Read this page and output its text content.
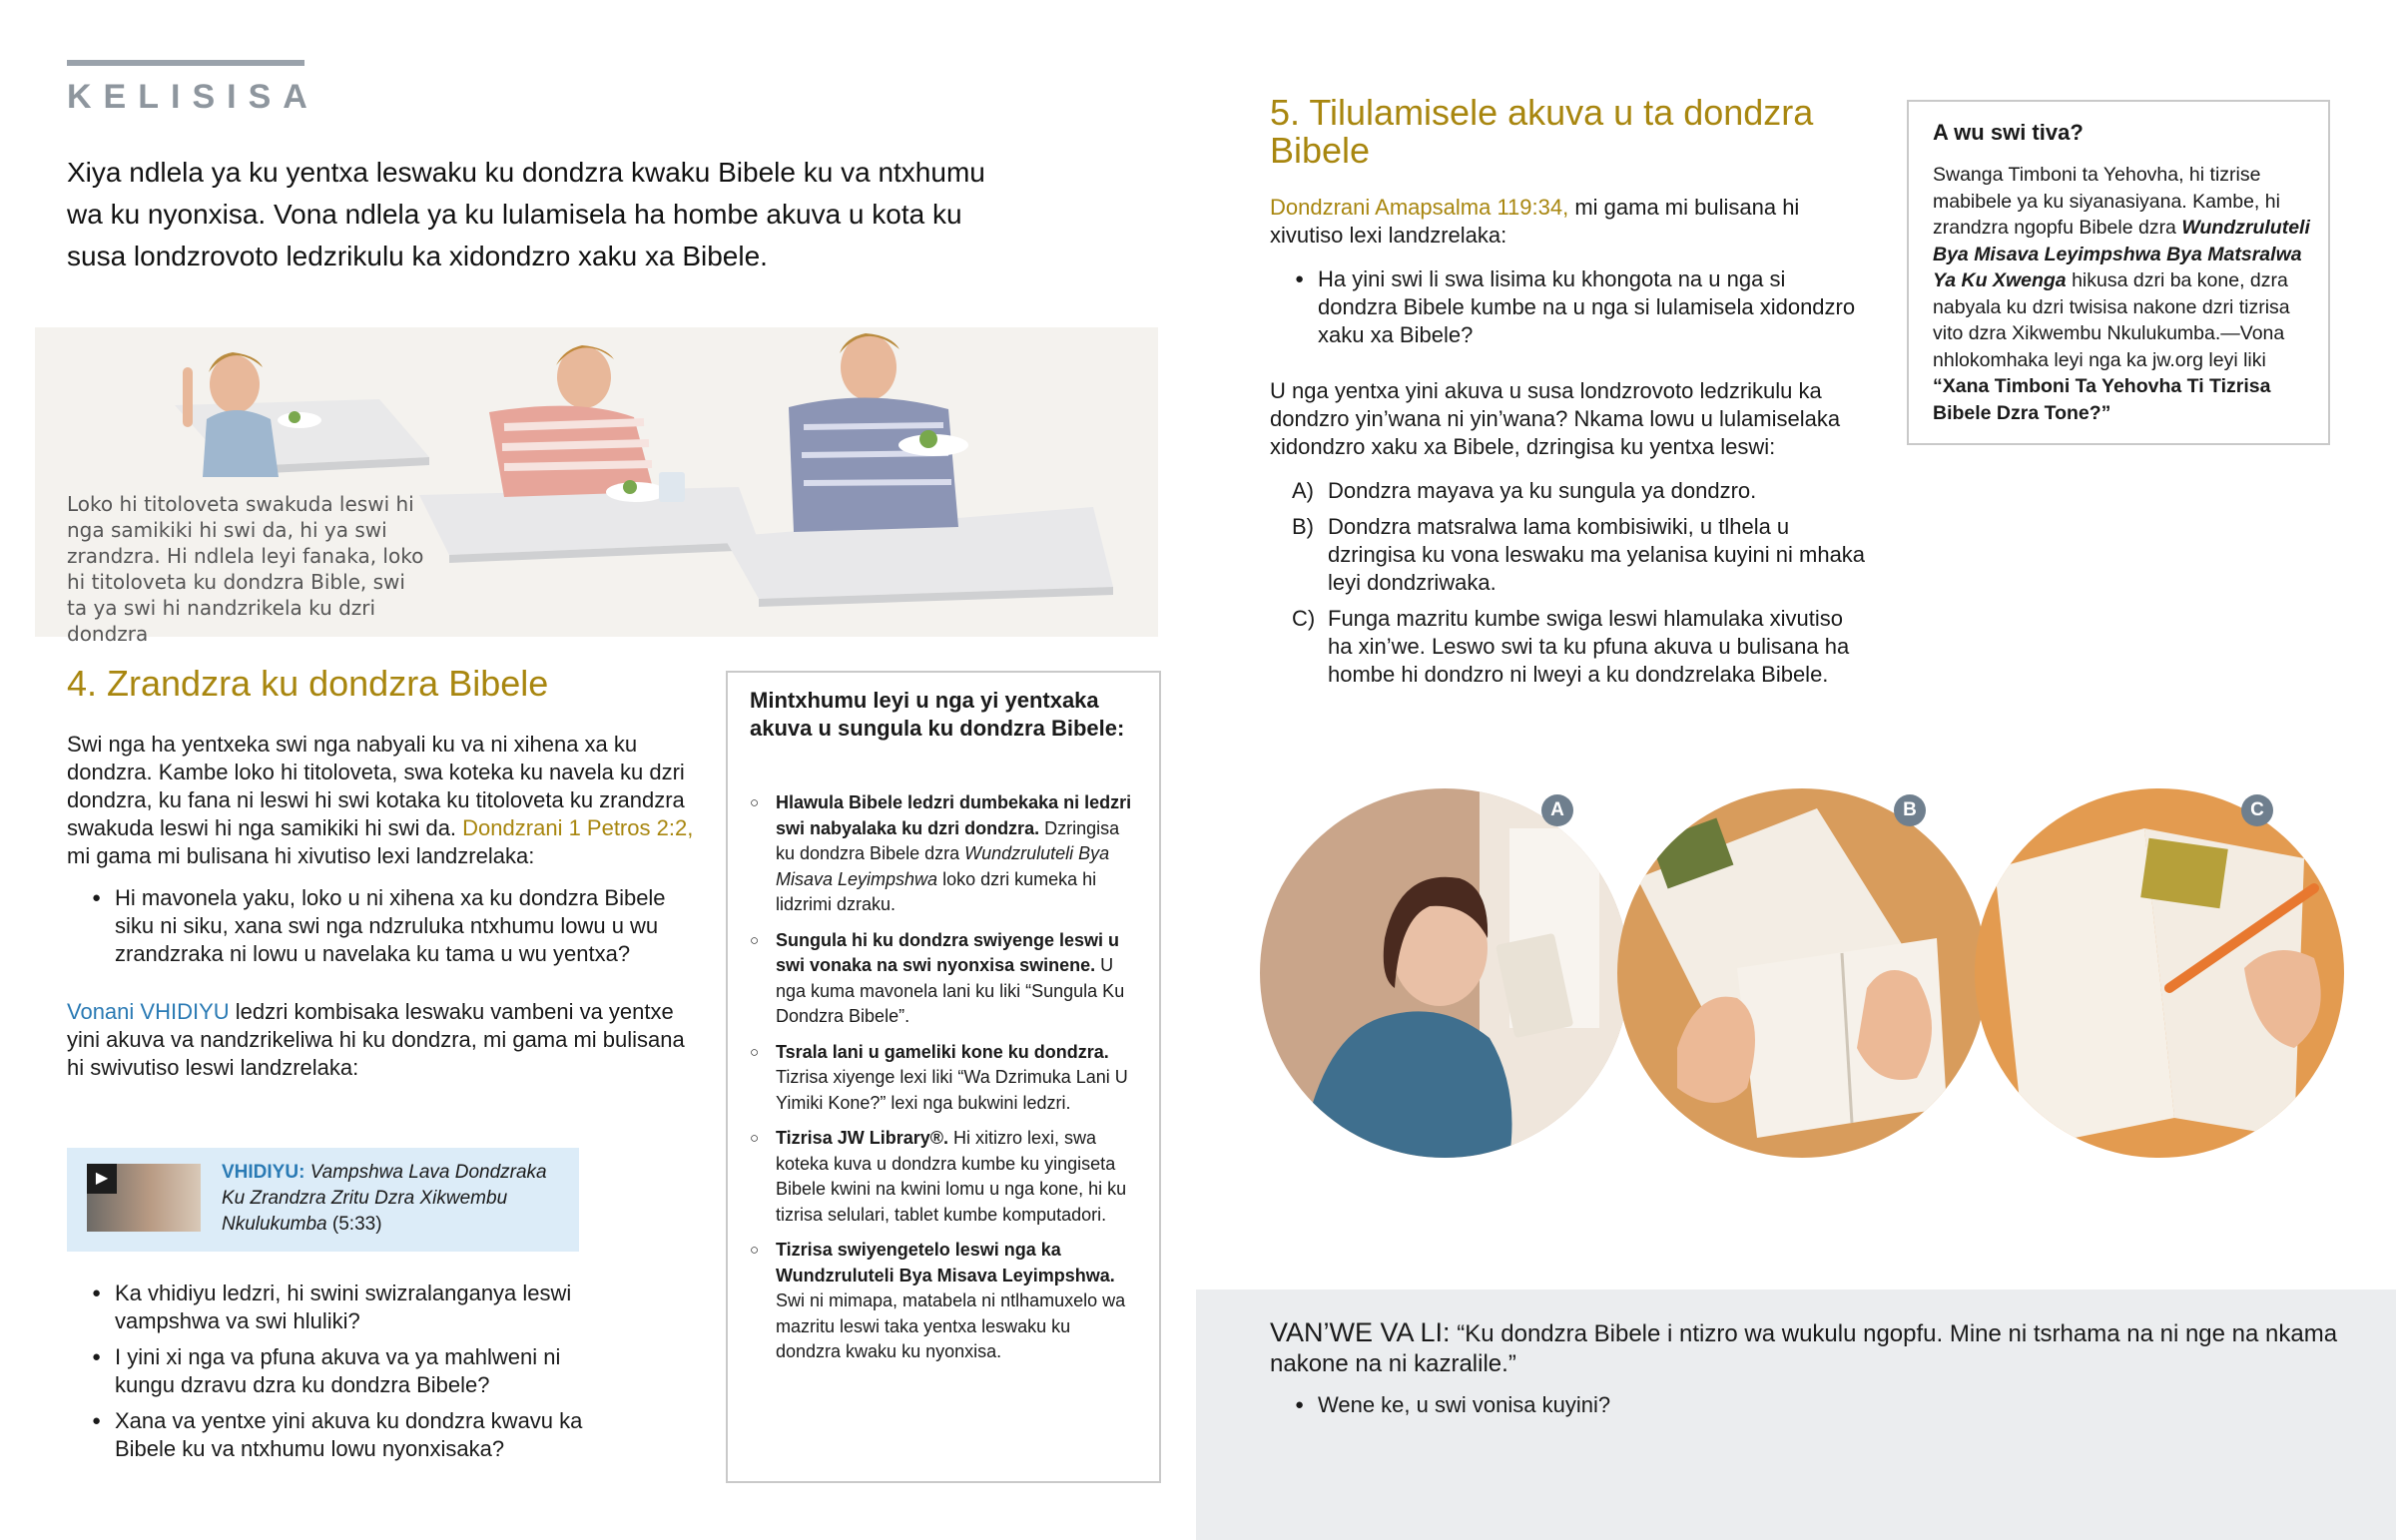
KELISISA
Xiya ndlela ya ku yentxa leswaku ku dondzra kwaku Bibele ku va ntxhumu wa ku nyonxisa. Vona ndlela ya ku lulamisela ha hombe akuva u kota ku susa londzrovoto ledzrikulu ka xidondzro xaku xa Bibele.
Loko hi titoloveta swakuda leswi hi nga samikiki hi swi da, hi ya swi zrandzra. Hi ndlela leyi fanaka, loko hi titoloveta ku dondzra Bible, swi ta ya swi hi nandzrikela ku dzri dondzra
4. Zrandzra ku dondzra Bibele
Swi nga ha yentxeka swi nga nabyali ku va ni xihena xa ku dondzra. Kambe loko hi titoloveta, swa koteka ku navela ku dzri dondzra, ku fana ni leswi hi swi kotaka ku titoloveta ku zrandzra swakuda leswi hi nga samikiki hi swi da. Dondzrani 1 Petros 2:2, mi gama mi bulisana hi xivutiso lexi landzrelaka:
● Hi mavonela yaku, loko u ni xihena xa ku dondzra Bibele siku ni siku, xana swi nga ndzruluka ntxhumu lowu u wu zrandzraka ni lowu u navelaka ku tama u wu yentxa?
Vonani VHIDIYU ledzri kombisaka leswaku vambeni va yentxe yini akuva va nandzrikeliwa hi ku dondzra, mi gama mi bulisana hi swivutiso leswi landzrelaka:
▶	VHIDIYU: Vampshwa Lava Dondzraka Ku Zrandzra Zritu Dzra Xikwembu Nkulukumba (5:33)
● Ka vhidiyu ledzri, hi swini swizralanganya leswi vampshwa va swi hluliki?
● I yini xi nga va pfuna akuva va ya mahlweni ni kungu dzravu dzra ku dondzra Bibele?
● Xana va yentxe yini akuva ku dondzra kwavu ka Bibele ku va ntxhumu lowu nyonxisaka?
Mintxhumu leyi u nga yi yentxaka akuva u sungula ku dondzra Bibele:
○ Hlawula Bibele ledzri dumbekaka ni ledzri swi nabyalaka ku dzri dondzra. Dzringisa ku dondzra Bibele dzra Wundzruluteli Bya Misava Leyimpshwa loko dzri kumeka hi lidzrimi dzraku.
○ Sungula hi ku dondzra swiyenge leswi u swi vonaka na swi nyonxisa swinene. U nga kuma mavonela lani ku liki “Sungula Ku Dondzra Bibele”.
○ Tsrala lani u gameliki kone ku dondzra. Tizrisa xiyenge lexi liki “Wa Dzrimuka Lani U Yimiki Kone?” lexi nga bukwini ledzri.
○ Tizrisa JW Library®. Hi xitizro lexi, swa koteka kuva u dondzra kumbe ku yingiseta Bibele kwini na kwini lomu u nga kone, hi ku tizrisa selulari, tablet kumbe komputadori.
○ Tizrisa swiyengetelo leswi nga ka Wundzruluteli Bya Misava Leyimpshwa. Swi ni mimapa, matabela ni ntlhamuxelo wa mazritu leswi taka yentxa leswaku ku dondzra kwaku ku nyonxisa.
5. Tilulamisele akuva u ta dondzra Bibele
Dondzrani Amapsalma 119:34, mi gama mi bulisana hi xivutiso lexi landzrelaka:
● Ha yini swi li swa lisima ku khongota na u nga si dondzra Bibele kumbe na u nga si lulamisela xidondzro xaku xa Bibele?
U nga yentxa yini akuva u susa londzrovoto ledzrikulu ka dondzro yin’wana ni yin’wana? Nkama lowu u lulamiselaka xidondzro xaku xa Bibele, dzringisa ku yentxa leswi:
A) Dondzra mayava ya ku sungula ya dondzro.
B) Dondzra matsralwa lama kombisiwiki, u tlhela u dzringisa ku vona leswaku ma yelanisa kuyini ni mhaka leyi dondzriwaka.
C) Funga mazritu kumbe swiga leswi hlamulaka xivutiso ha xin’we. Leswo swi ta ku pfuna akuva u bulisana ha hombe hi dondzro ni lweyi a ku dondzrelaka Bibele.
A wu swi tiva?

Swanga Timboni ta Yehovha, hi tizrise mabibele ya ku siyanasiyana. Kambe, hi zrandzra ngopfu Bibele dzra Wundzruluteli Bya Misava Leyimpshwa Bya Matsralwa Ya Ku Xwenga hikusa dzri ba kone, dzra nabyala ku dzri twisisa nakone dzri tizrisa vito dzra Xikwembu Nkulukumba.—Vona nhlokomhaka leyi nga ka jw.org leyi liki “Xana Timboni Ta Yehovha Ti Tizrisa Bibele Dzra Tone?”

A	B	C
VAN’WE VA LI: “Ku dondzra Bibele i ntizro wa wukulu ngopfu. Mine ni tsrhama na ni nge na nkama nakone na ni kazralile.”
● Wene ke, u swi vonisa kuyini?
